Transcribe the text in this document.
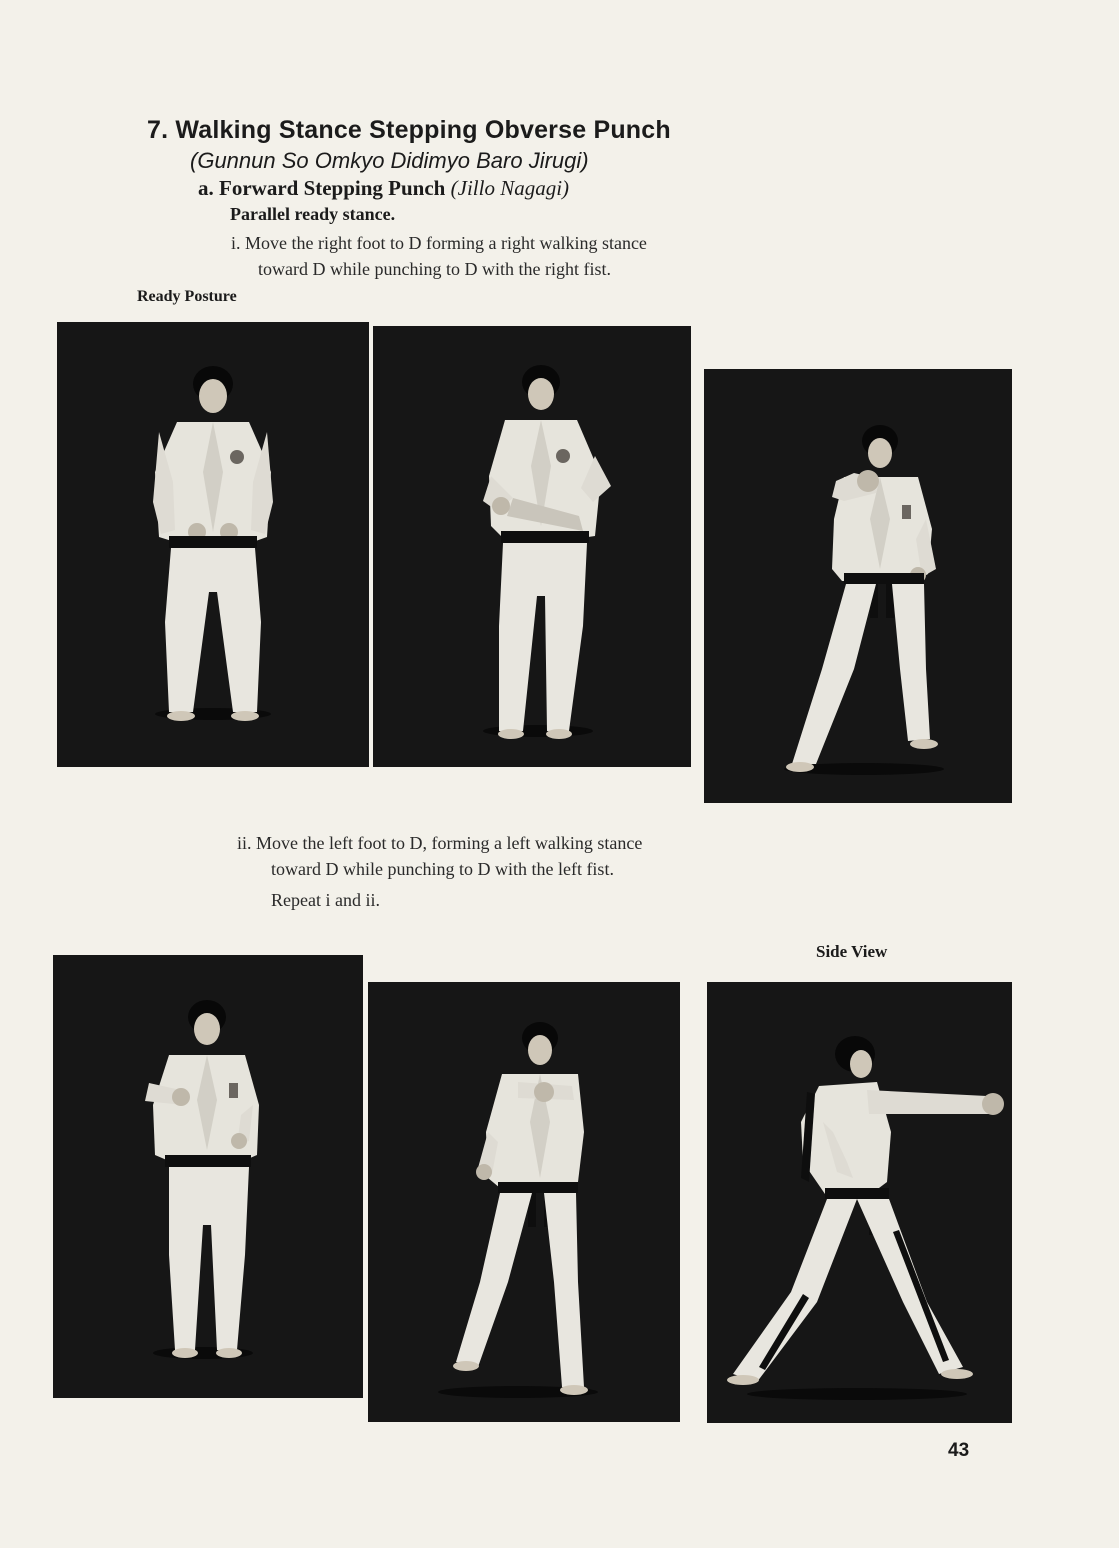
7. Walking Stance Stepping Obverse Punch
(Gunnun So Omkyo Didimyo Baro Jirugi)
a. Forward Stepping Punch (Jillo Nagagi)
Parallel ready stance.
i. Move the right foot to D forming a right walking stance
toward D while punching to D with the right fist.
Ready Posture
ii. Move the left foot to D, forming a left walking stance
toward D while punching to D with the left fist.
Repeat i and ii.
Side View
43
